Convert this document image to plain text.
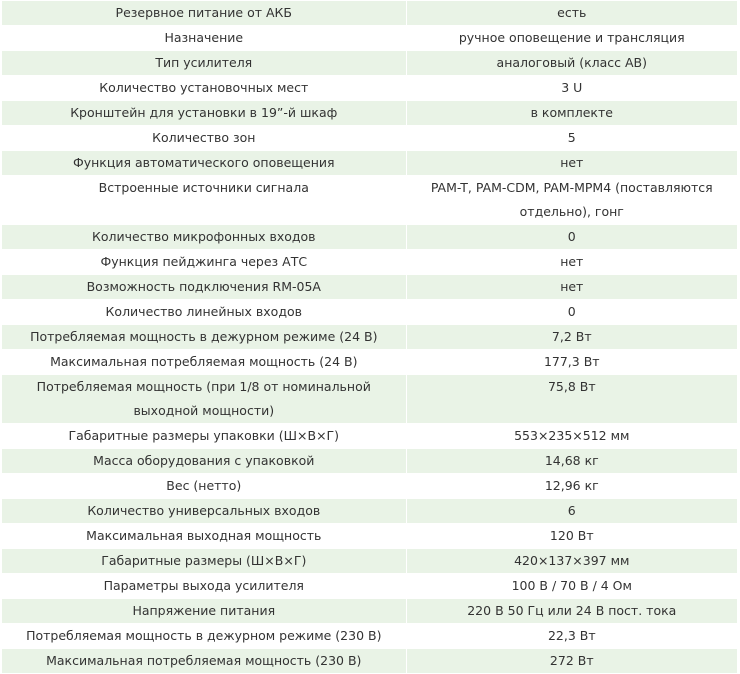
Резервное питание от АКБ	есть
Назначение	ручное оповещение и трансляция
Тип усилителя	аналоговый (класс АВ)
Количество установочных мест	3 U
Кронштейн для установки в 19”-й шкаф	в комплекте
Количество зон	5
Функция автоматического оповещения	нет
Встроенные источники сигнала	PAM-T, PAM-CDM, PAM-MPM4 (поставляются отдельно), гонг
Количество микрофонных входов	0
Функция пейджинга через АТС	нет
Возможность подключения RM-05A	нет
Количество линейных входов	0
Потребляемая мощность в дежурном режиме (24 В)	7,2 Вт
Максимальная потребляемая мощность (24 В)	177,3 Вт
Потребляемая мощность (при 1/8 от номинальной выходной мощности)	75,8 Вт
Габаритные размеры упаковки (Ш×В×Г)	553×235×512 мм
Масса оборудования с упаковкой	14,68 кг
Вес (нетто)	12,96 кг
Количество универсальных входов	6
Максимальная выходная мощность	120 Вт
Габаритные размеры (Ш×В×Г)	420×137×397 мм
Параметры выхода усилителя	100 В / 70 В / 4 Ом
Напряжение питания	220 В 50 Гц или 24 В пост. тока
Потребляемая мощность в дежурном режиме (230 В)	22,3 Вт
Максимальная потребляемая мощность (230 В)	272 Вт
